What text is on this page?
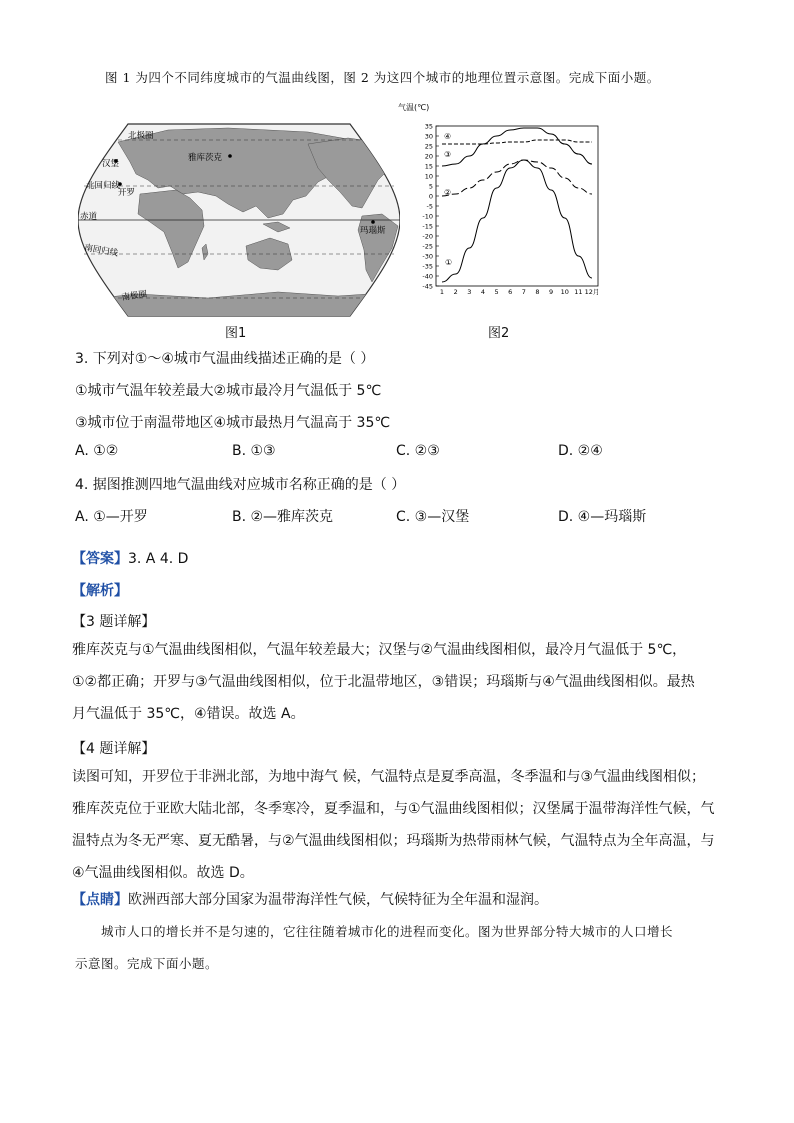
图 1 为四个不同纬度城市的气温曲线图，图 2 为这四个城市的地理位置示意图。完成下面小题。
北极圈
汉堡
雅库茨克
北回归线
开罗
赤道
玛瑙斯
南回归线
南极圈
图1
气温(℃)
35
30
25
20
15
10
5
0
-5
-10
-15
-20
-25
-30
-35
-40
-45
1 2 3 4 5 6 7 8 9 10 11 12月
①
②
③
④
图2
3. 下列对①～④城市气温曲线描述正确的是（ ）
①城市气温年较差最大②城市最冷月气温低于 5℃
③城市位于南温带地区④城市最热月气温高于 35℃
A. ①②	B. ①③	C. ②③	D. ②④
4. 据图推测四地气温曲线对应城市名称正确的是（ ）
A. ①—开罗	B. ②—雅库茨克	C. ③—汉堡	D. ④—玛瑙斯
【答案】3. A 4. D
【解析】
【3 题详解】
雅库茨克与①气温曲线图相似，气温年较差最大；汉堡与②气温曲线图相似，最冷月气温低于 5℃，
①②都正确；开罗与③气温曲线图相似，位于北温带地区，③错误；玛瑙斯与④气温曲线图相似。最热
月气温低于 35℃，④错误。故选 A。
【4 题详解】
读图可知，开罗位于非洲北部，为地中海气 候，气温特点是夏季高温，冬季温和与③气温曲线图相似；
雅库茨克位于亚欧大陆北部，冬季寒冷，夏季温和，与①气温曲线图相似；汉堡属于温带海洋性气候，气
温特点为冬无严寒、夏无酷暑，与②气温曲线图相似；玛瑙斯为热带雨林气候，气温特点为全年高温，与
④气温曲线图相似。故选 D。
【点睛】欧洲西部大部分国家为温带海洋性气候，气候特征为全年温和湿润。
城市人口的增长并不是匀速的，它往往随着城市化的进程而变化。图为世界部分特大城市的人口增长
示意图。完成下面小题。
